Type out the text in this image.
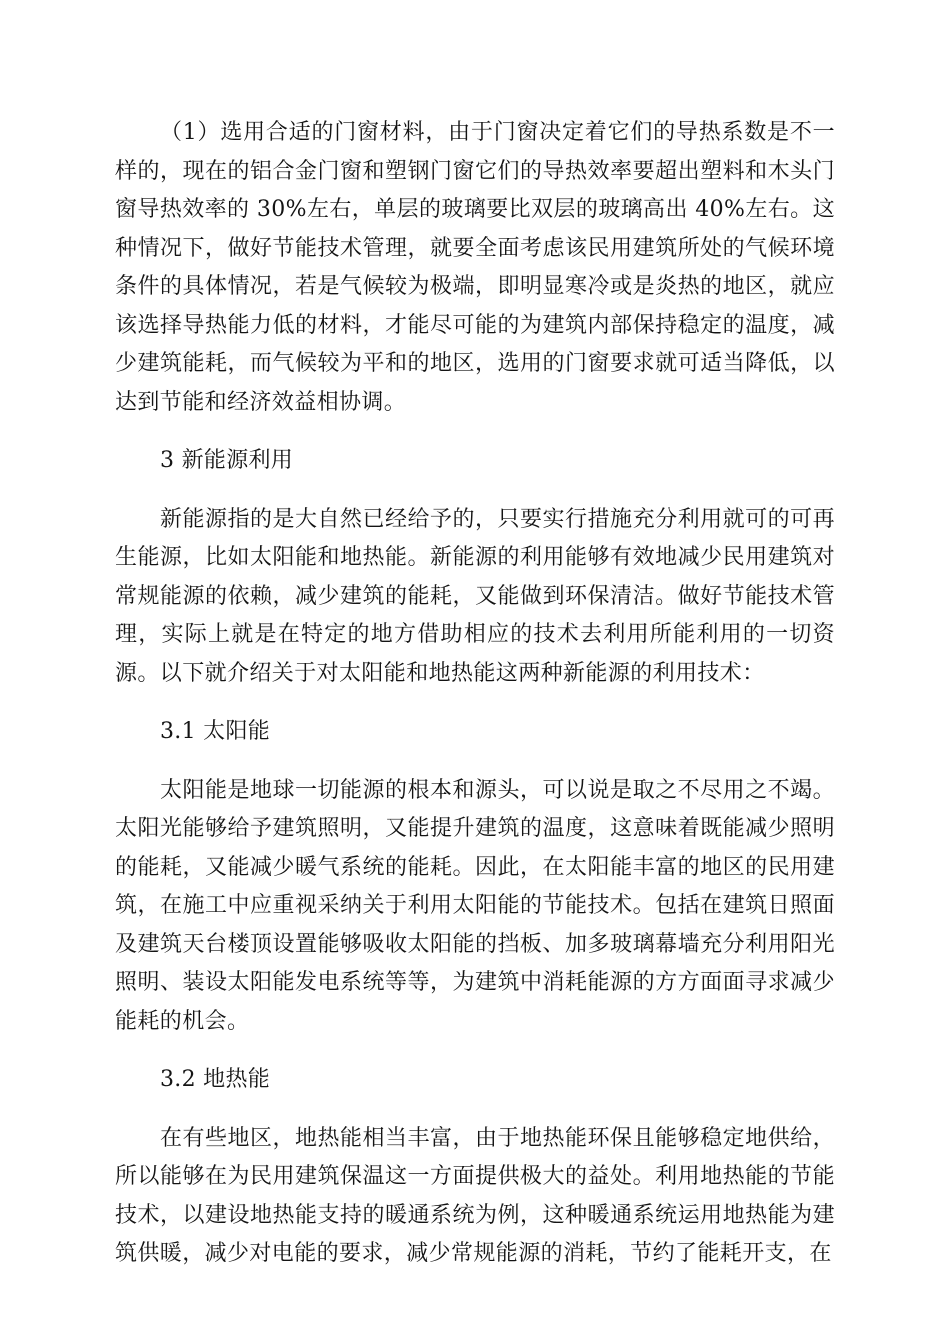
（1）选用合适的门窗材料，由于门窗决定着它们的导热系数是不一样的，现在的铝合金门窗和塑钢门窗它们的导热效率要超出塑料和木头门窗导热效率的 30%左右，单层的玻璃要比双层的玻璃高出 40%左右。这种情况下，做好节能技术管理，就要全面考虑该民用建筑所处的气候环境条件的具体情况，若是气候较为极端，即明显寒冷或是炎热的地区，就应该选择导热能力低的材料，才能尽可能的为建筑内部保持稳定的温度，减少建筑能耗，而气候较为平和的地区，选用的门窗要求就可适当降低，以达到节能和经济效益相协调。

3 新能源利用

新能源指的是大自然已经给予的，只要实行措施充分利用就可的可再生能源，比如太阳能和地热能。新能源的利用能够有效地减少民用建筑对常规能源的依赖，减少建筑的能耗，又能做到环保清洁。做好节能技术管理，实际上就是在特定的地方借助相应的技术去利用所能利用的一切资源。以下就介绍关于对太阳能和地热能这两种新能源的利用技术：

3.1 太阳能

太阳能是地球一切能源的根本和源头，可以说是取之不尽用之不竭。太阳光能够给予建筑照明，又能提升建筑的温度，这意味着既能减少照明的能耗，又能减少暖气系统的能耗。因此，在太阳能丰富的地区的民用建筑，在施工中应重视采纳关于利用太阳能的节能技术。包括在建筑日照面及建筑天台楼顶设置能够吸收太阳能的挡板、加多玻璃幕墙充分利用阳光照明、装设太阳能发电系统等等，为建筑中消耗能源的方方面面寻求减少能耗的机会。

3.2 地热能

在有些地区，地热能相当丰富，由于地热能环保且能够稳定地供给，所以能够在为民用建筑保温这一方面提供极大的益处。利用地热能的节能技术，以建设地热能支持的暖通系统为例，这种暖通系统运用地热能为建筑供暖，减少对电能的要求，减少常规能源的消耗，节约了能耗开支，在
